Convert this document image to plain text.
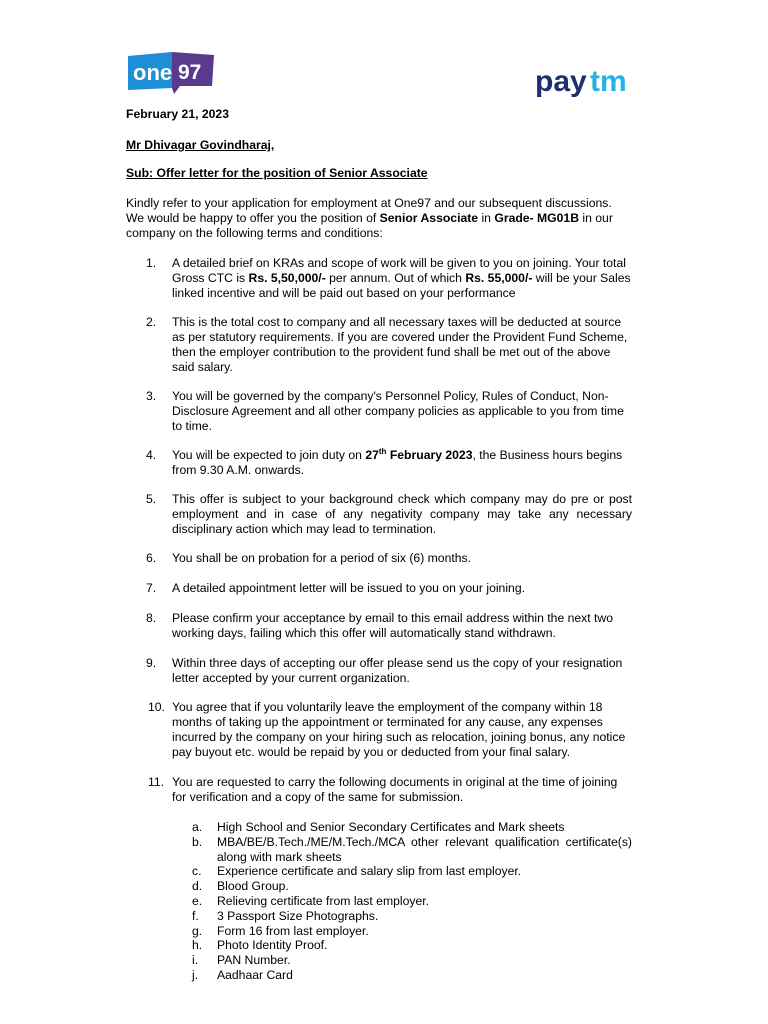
one 97	pay tm
February 21, 2023
Mr Dhivagar Govindharaj,
Sub: Offer letter for the position of Senior Associate
Kindly refer to your application for employment at One97 and our subsequent discussions.
We would be happy to offer you the position of Senior Associate in Grade- MG01B in our
company on the following terms and conditions:
1. A detailed brief on KRAs and scope of work will be given to you on joining. Your total Gross CTC is Rs. 5,50,000/- per annum. Out of which Rs. 55,000/- will be your Sales linked incentive and will be paid out based on your performance
2. This is the total cost to company and all necessary taxes will be deducted at source as per statutory requirements. If you are covered under the Provident Fund Scheme, then the employer contribution to the provident fund shall be met out of the above said salary.
3. You will be governed by the company's Personnel Policy, Rules of Conduct, Non-Disclosure Agreement and all other company policies as applicable to you from time to time.
4. You will be expected to join duty on 27th February 2023, the Business hours begins from 9.30 A.M. onwards.
5. This offer is subject to your background check which company may do pre or post employment and in case of any negativity company may take any necessary disciplinary action which may lead to termination.
6. You shall be on probation for a period of six (6) months.
7. A detailed appointment letter will be issued to you on your joining.
8. Please confirm your acceptance by email to this email address within the next two working days, failing which this offer will automatically stand withdrawn.
9. Within three days of accepting our offer please send us the copy of your resignation letter accepted by your current organization.
10. You agree that if you voluntarily leave the employment of the company within 18 months of taking up the appointment or terminated for any cause, any expenses incurred by the company on your hiring such as relocation, joining bonus, any notice pay buyout etc. would be repaid by you or deducted from your final salary.
11. You are requested to carry the following documents in original at the time of joining for verification and a copy of the same for submission.
a. High School and Senior Secondary Certificates and Mark sheets
b. MBA/BE/B.Tech./ME/M.Tech./MCA other relevant qualification certificate(s) along with mark sheets
c. Experience certificate and salary slip from last employer.
d. Blood Group.
e. Relieving certificate from last employer.
f. 3 Passport Size Photographs.
g. Form 16 from last employer.
h. Photo Identity Proof.
i. PAN Number.
j. Aadhaar Card
